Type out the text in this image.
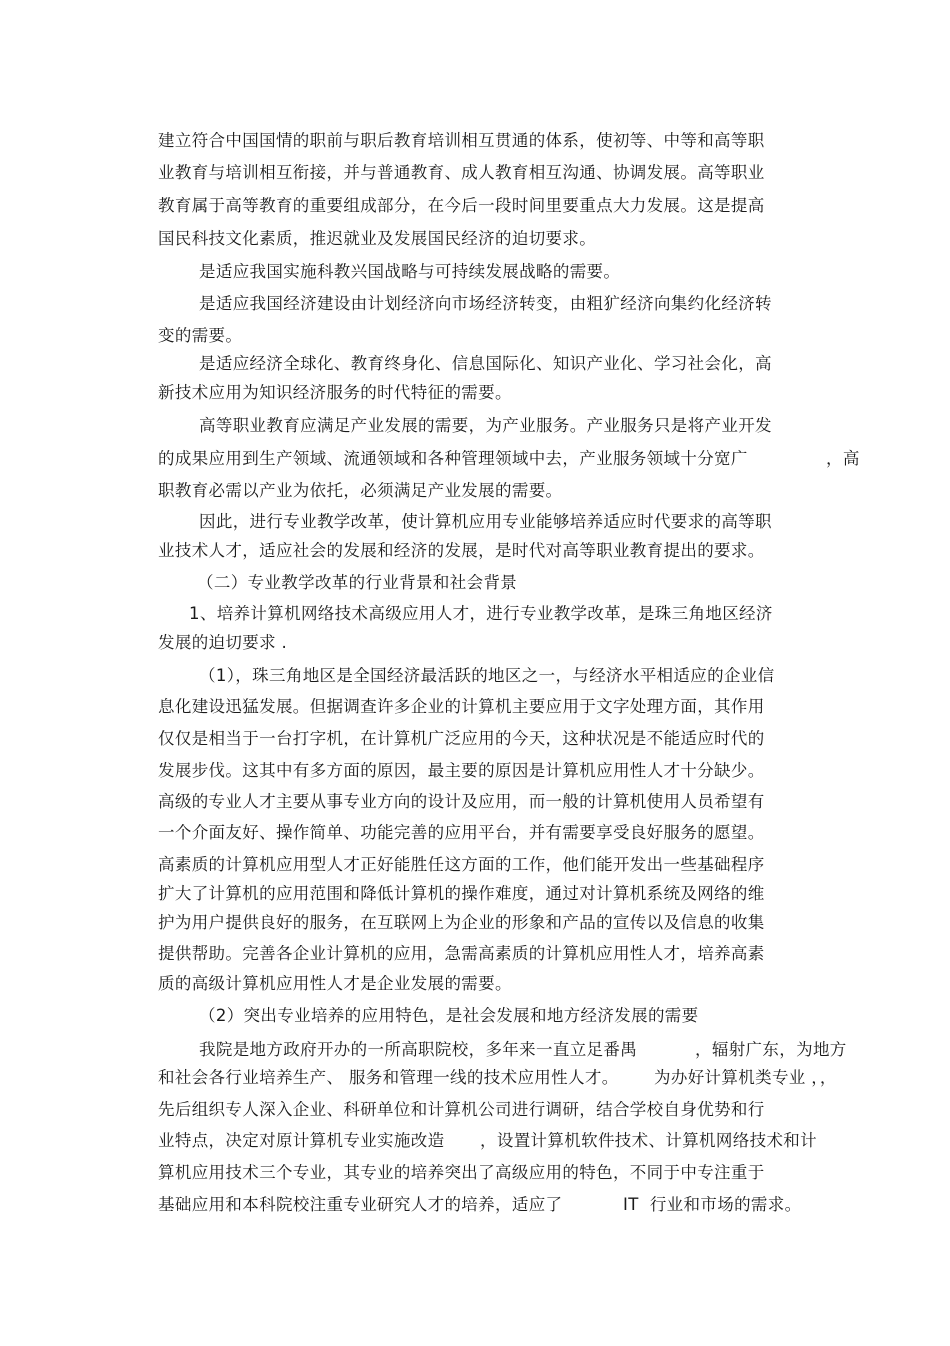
建立符合中国国情的职前与职后教育培训相互贯通的体系，使初等、中等和高等职
业教育与培训相互衔接，并与普通教育、成人教育相互沟通、协调发展。高等职业
教育属于高等教育的重要组成部分，在今后一段时间里要重点大力发展。这是提高
国民科技文化素质，推迟就业及发展国民经济的迫切要求。
是适应我国实施科教兴国战略与可持续发展战略的需要。
是适应我国经济建设由计划经济向市场经济转变，由粗犷经济向集约化经济转
变的需要。
是适应经济全球化、教育终身化、信息国际化、知识产业化、学习社会化，高
新技术应用为知识经济服务的时代特征的需要。
高等职业教育应满足产业发展的需要，为产业服务。产业服务只是将产业开发
的成果应用到生产领域、流通领域和各种管理领域中去，产业服务领域十分宽广	，高
职教育必需以产业为依托，必须满足产业发展的需要。
因此，进行专业教学改革，使计算机应用专业能够培养适应时代要求的高等职
业技术人才，适应社会的发展和经济的发展，是时代对高等职业教育提出的要求。
（二）专业教学改革的行业背景和社会背景
1、培养计算机网络技术高级应用人才，进行专业教学改革，是珠三角地区经济
发展的迫切要求 .
（1），珠三角地区是全国经济最活跃的地区之一，与经济水平相适应的企业信
息化建设迅猛发展。但据调查许多企业的计算机主要应用于文字处理方面，其作用
仅仅是相当于一台打字机，在计算机广泛应用的今天，这种状况是不能适应时代的
发展步伐。这其中有多方面的原因，最主要的原因是计算机应用性人才十分缺少。
高级的专业人才主要从事专业方向的设计及应用，而一般的计算机使用人员希望有
一个介面友好、操作简单、功能完善的应用平台，并有需要享受良好服务的愿望。
高素质的计算机应用型人才正好能胜任这方面的工作，他们能开发出一些基础程序
扩大了计算机的应用范围和降低计算机的操作难度，通过对计算机系统及网络的维
护为用户提供良好的服务，在互联网上为企业的形象和产品的宣传以及信息的收集
提供帮助。完善各企业计算机的应用，急需高素质的计算机应用性人才，培养高素
质的高级计算机应用性人才是企业发展的需要。
（2）突出专业培养的应用特色，是社会发展和地方经济发展的需要
我院是地方政府开办的一所高职院校，多年来一直立足番禺	，辐射广东，为地方
和社会各行业培养生产、 服务和管理一线的技术应用性人才。 为办好计算机类专业 ，，
先后组织专人深入企业、科研单位和计算机公司进行调研，结合学校自身优势和行
业特点，决定对原计算机专业实施改造 ，设置计算机软件技术、计算机网络技术和计
算机应用技术三个专业，其专业的培养突出了高级应用的特色，不同于中专注重于
基础应用和本科院校注重专业研究人才的培养，适应了	IT  行业和市场的需求。
